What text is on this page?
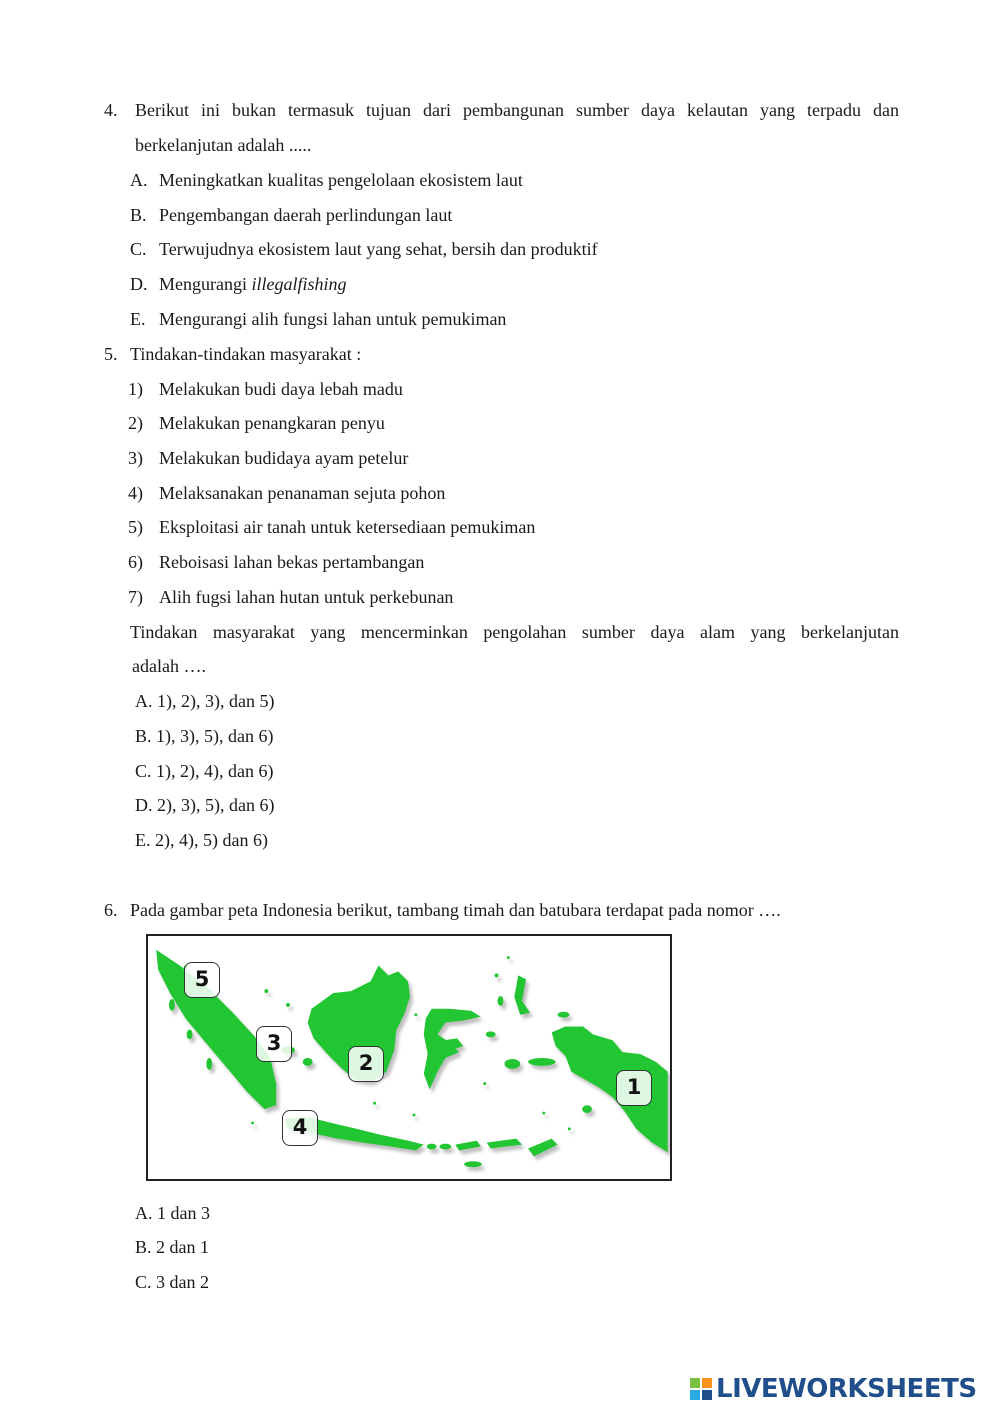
4. Berikut ini bukan termasuk tujuan dari pembangunan sumber daya kelautan yang terpadu dan
berkelanjutan adalah .....
A. Meningkatkan kualitas pengelolaan ekosistem laut
B. Pengembangan daerah perlindungan laut
C. Terwujudnya ekosistem laut yang sehat, bersih dan produktif
D. Mengurangi illegalfishing
E. Mengurangi alih fungsi lahan untuk pemukiman
5. Tindakan-tindakan masyarakat :
1) Melakukan budi daya lebah madu
2) Melakukan penangkaran penyu
3) Melakukan budidaya ayam petelur
4) Melaksanakan penanaman sejuta pohon
5) Eksploitasi air tanah untuk ketersediaan pemukiman
6) Reboisasi lahan bekas pertambangan
7) Alih fugsi lahan hutan untuk perkebunan
Tindakan masyarakat yang mencerminkan pengolahan sumber daya alam yang berkelanjutan
adalah ….
A. 1), 2), 3), dan 5)
B. 1), 3), 5), dan 6)
C. 1), 2), 4), dan 6)
D. 2), 3), 5), dan 6)
E. 2), 4), 5) dan 6)
6. Pada gambar peta Indonesia berikut, tambang timah dan batubara terdapat pada nomor ….
5
3
2
4
1
A. 1 dan 3
B. 2 dan 1
C. 3 dan 2
LIVEWORKSHEETS
